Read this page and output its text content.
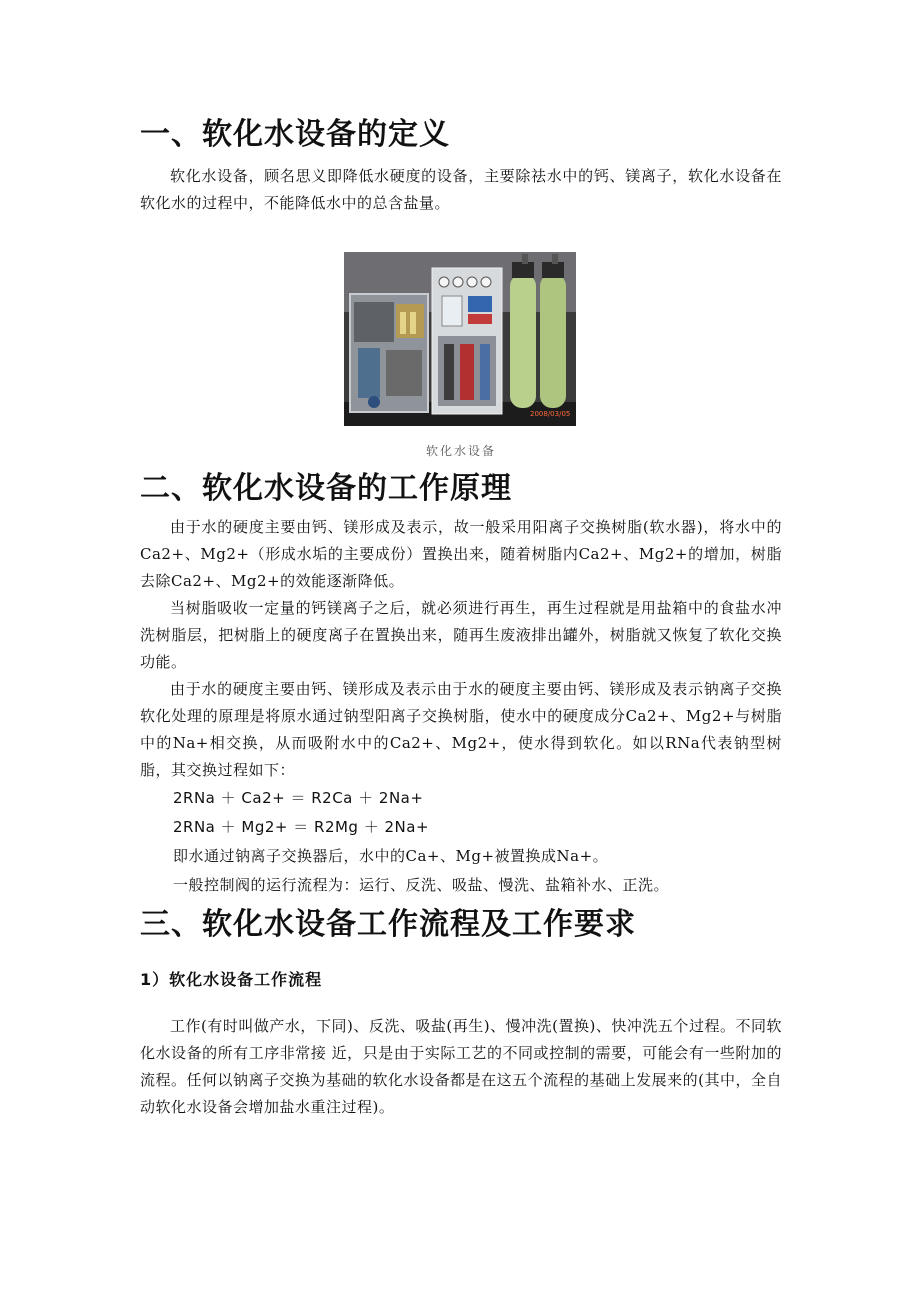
一、软化水设备的定义

软化水设备，顾名思义即降低水硬度的设备，主要除祛水中的钙、镁离子，软化水设备在软化水的过程中，不能降低水中的总含盐量。

2008/03/05
软化水设备
二、软化水设备的工作原理

由于水的硬度主要由钙、镁形成及表示，故一般采用阳离子交换树脂(软水器)，将水中的Ca2+、Mg2+（形成水垢的主要成份）置换出来，随着树脂内Ca2+、Mg2+的增加，树脂去除Ca2+、Mg2+的效能逐渐降低。

当树脂吸收一定量的钙镁离子之后，就必须进行再生，再生过程就是用盐箱中的食盐水冲洗树脂层，把树脂上的硬度离子在置换出来，随再生废液排出罐外，树脂就又恢复了软化交换功能。

由于水的硬度主要由钙、镁形成及表示由于水的硬度主要由钙、镁形成及表示钠离子交换软化处理的原理是将原水通过钠型阳离子交换树脂，使水中的硬度成分Ca2+、Mg2+与树脂中的Na+相交换，从而吸附水中的Ca2+、Mg2+，使水得到软化。如以RNa代表钠型树脂，其交换过程如下：

2RNa ＋ Ca2+ ＝ R2Ca ＋ 2Na+
2RNa ＋ Mg2+ ＝ R2Mg ＋ 2Na+
即水通过钠离子交换器后，水中的Ca+、Mg+被置换成Na+。
一般控制阀的运行流程为：运行、反洗、吸盐、慢洗、盐箱补水、正洗。
三、软化水设备工作流程及工作要求
1）软化水设备工作流程

工作(有时叫做产水，下同)、反洗、吸盐(再生)、慢冲洗(置换)、快冲洗五个过程。不同软化水设备的所有工序非常接 近，只是由于实际工艺的不同或控制的需要，可能会有一些附加的流程。任何以钠离子交换为基础的软化水设备都是在这五个流程的基础上发展来的(其中，全自动软化水设备会增加盐水重注过程)。
